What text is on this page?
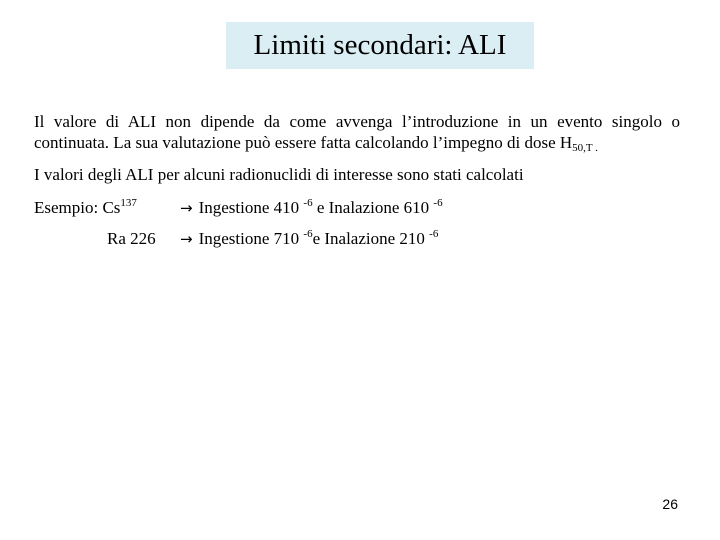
Limiti secondari: ALI
Il valore di ALI non dipende da come avvenga l’introduzione in un evento singolo o continuata. La sua valutazione può essere fatta calcolando l’impegno di dose $H_{50,T .}$
I valori degli ALI per alcuni radionuclidi di interesse sono stati calcolati
Esempio: $Cs^{137}$	→ Ingestione 410 $^{-6}$ e Inalazione 610 $^{-6}$
Ra 226 → Ingestione 710 $^{-6}$e Inalazione 210 $^{-6}$
26
